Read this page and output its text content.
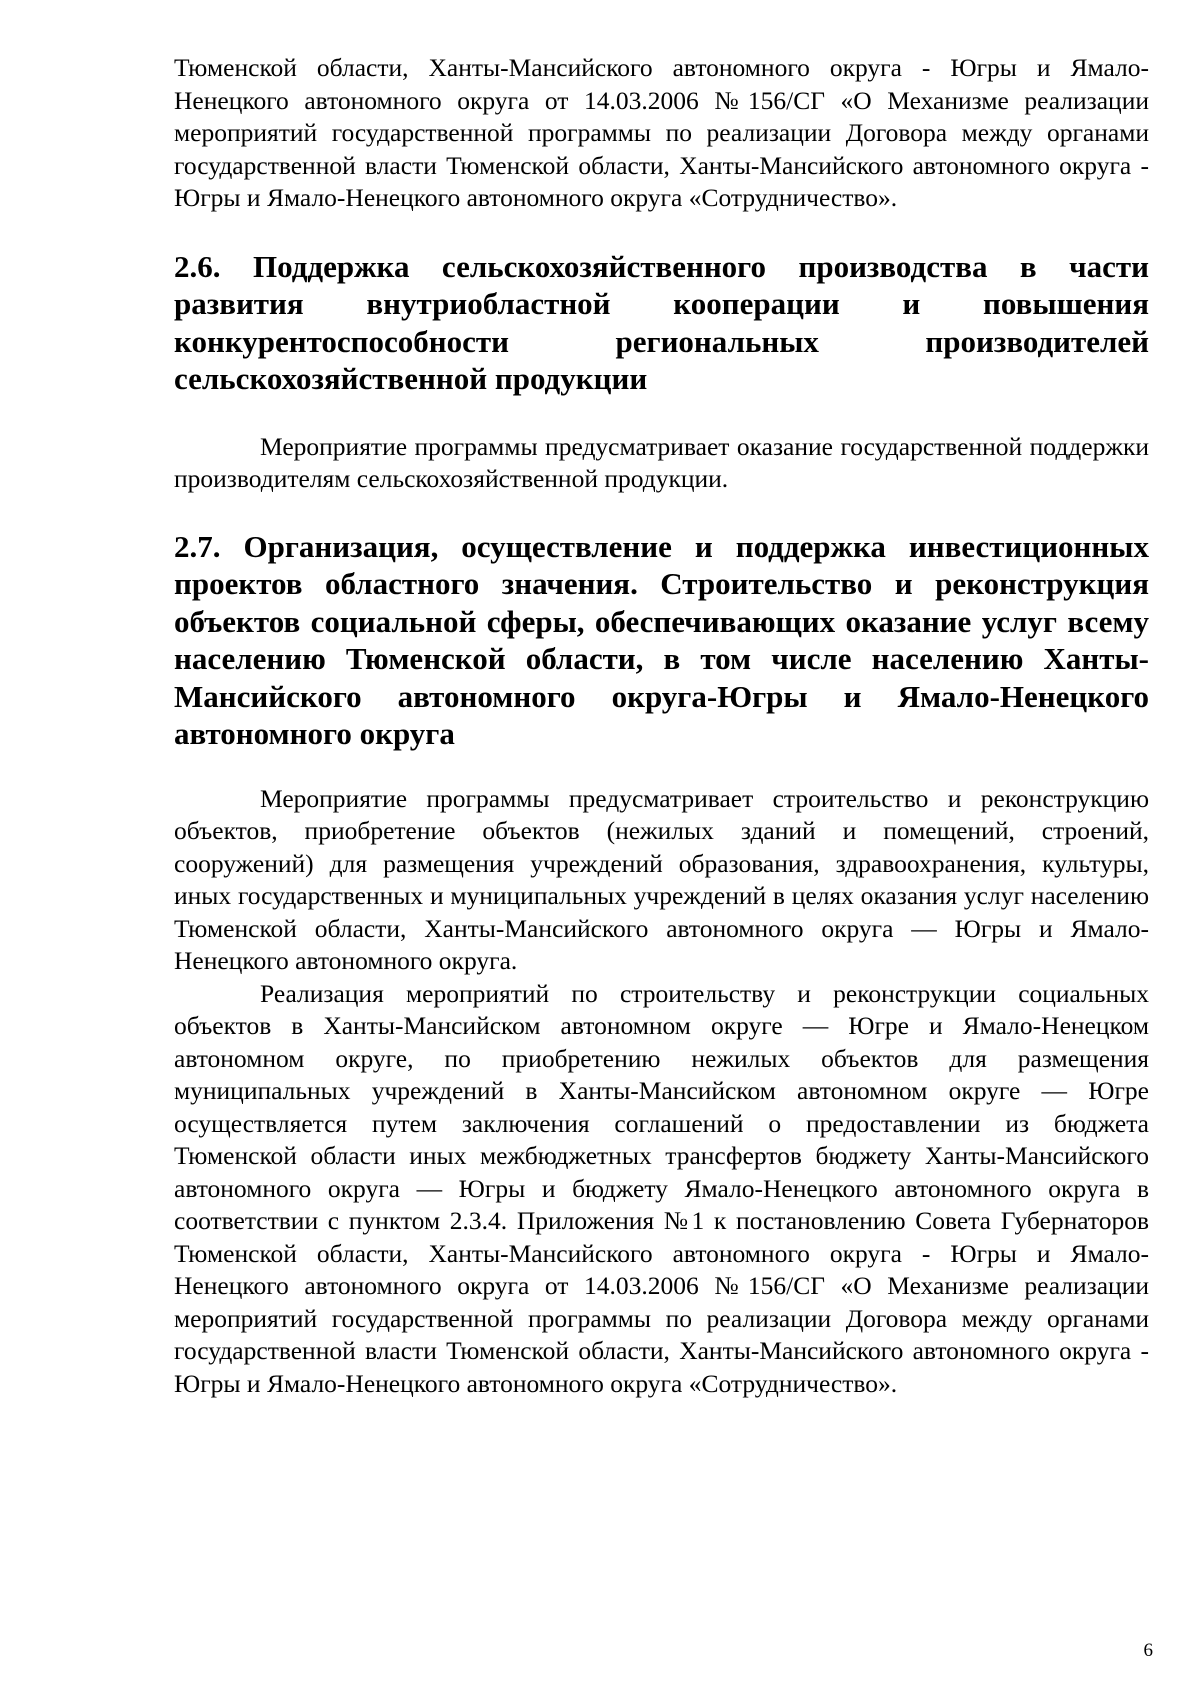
Тюменской области, Ханты-Мансийского автономного округа - Югры и Ямало-Ненецкого автономного округа от 14.03.2006 №156/СГ «О Механизме реализации мероприятий государственной программы по реализации Договора между органами государственной власти Тюменской области, Ханты-Мансийского автономного округа - Югры и Ямало-Ненецкого автономного округа «Сотрудничество».

2.6. Поддержка сельскохозяйственного производства в части развития внутриобластной кооперации и повышения конкурентоспособности региональных производителей сельскохозяйственной продукции

Мероприятие программы предусматривает оказание государственной поддержки производителям сельскохозяйственной продукции.

2.7. Организация, осуществление и поддержка инвестиционных проектов областного значения. Строительство и реконструкция объектов социальной сферы, обеспечивающих оказание услуг всему населению Тюменской области, в том числе населению Ханты-Мансийского автономного округа-Югры и Ямало-Ненецкого автономного округа

Мероприятие программы предусматривает строительство и реконструкцию объектов, приобретение объектов (нежилых зданий и помещений, строений, сооружений) для размещения учреждений образования, здравоохранения, культуры, иных государственных и муниципальных учреждений в целях оказания услуг населению Тюменской области, Ханты-Мансийского автономного округа — Югры и Ямало-Ненецкого автономного округа.

Реализация мероприятий по строительству и реконструкции социальных объектов в Ханты-Мансийском автономном округе — Югре и Ямало-Ненецком автономном округе, по приобретению нежилых объектов для размещения муниципальных учреждений в Ханты-Мансийском автономном округе — Югре осуществляется путем заключения соглашений о предоставлении из бюджета Тюменской области иных межбюджетных трансфертов бюджету Ханты-Мансийского автономного округа — Югры и бюджету Ямало-Ненецкого автономного округа в соответствии с пунктом 2.3.4. Приложения №1 к постановлению Совета Губернаторов Тюменской области, Ханты-Мансийского автономного округа - Югры и Ямало-Ненецкого автономного округа от 14.03.2006 №156/СГ «О Механизме реализации мероприятий государственной программы по реализации Договора между органами государственной власти Тюменской области, Ханты-Мансийского автономного округа - Югры и Ямало-Ненецкого автономного округа «Сотрудничество».

6
